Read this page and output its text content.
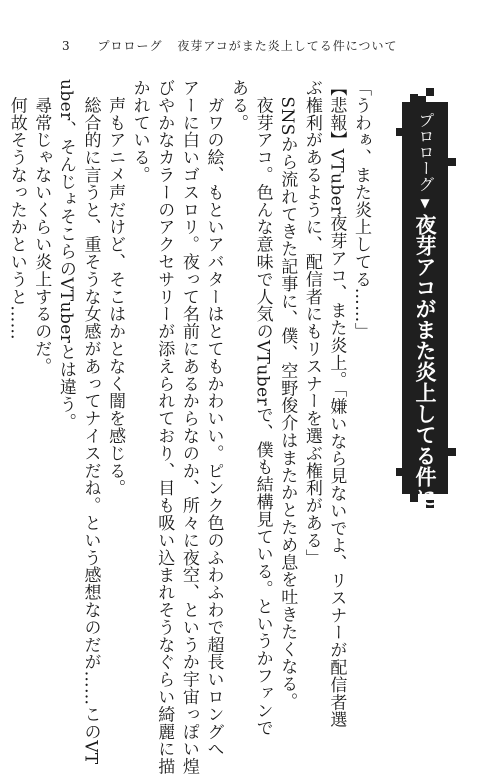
3 プロローグ 夜芽アコがまた炎上してる件について
プロローグ▼夜芽アコがまた炎上してる件について

「うわぁ、また炎上してる……」

【悲報】VTuber夜芽アコ、また炎上。「嫌いなら見ないでよ、リスナーが配信者選

ぶ権利があるように、配信者にもリスナーを選ぶ権利がある」

　SNSから流れてきた記事に、僕、空野俊介はまたかとため息を吐きたくなる。

　夜芽アコ。色んな意味で人気のVTuberで、僕も結構見ている。というかファンで

ある。

　ガワの絵、もといアバターはとてもかわいい。ピンク色のふわふわで超長いロングへ

アーに白いゴスロリ。夜って名前にあるからなのか、所々に夜空、というか宇宙っぽい煌

びやかなカラーのアクセサリーが添えられており、目も吸い込まれそうなぐらい綺麗に描

かれている。

　声もアニメ声だけど、そこはかとなく闇を感じる。

　総合的に言うと、重そうな女感があってナイスだね。という感想なのだが……このVT

uber、そんじょそこらのVTuberとは違う。

　尋常じゃないくらい炎上するのだ。

　何故そうなったかというと……
